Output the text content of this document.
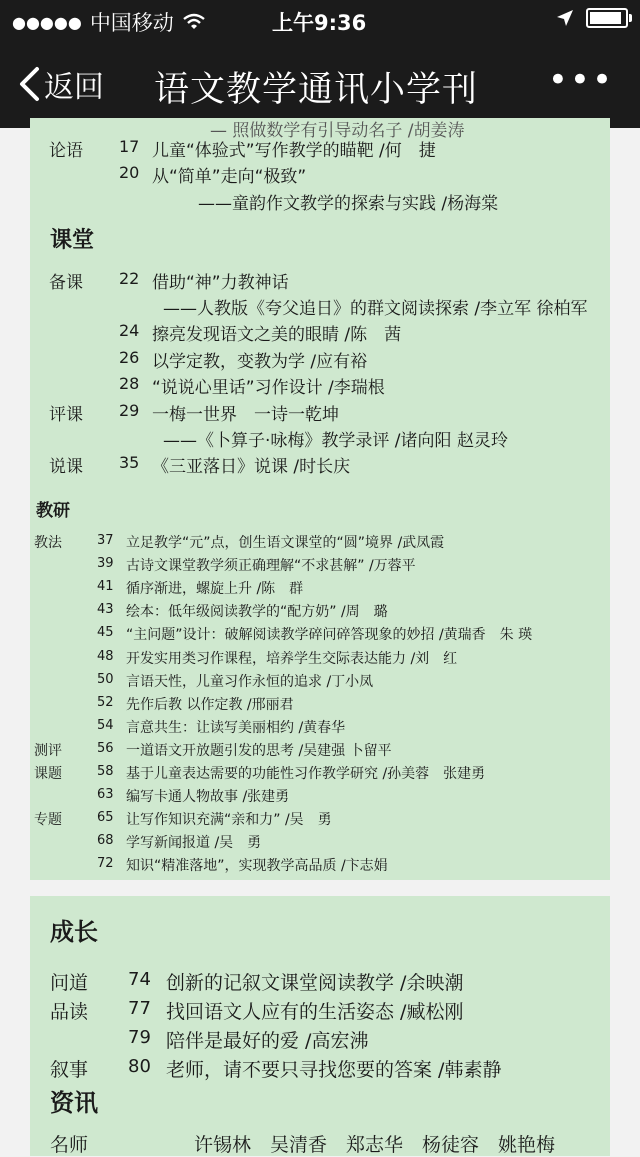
●●●●● 中国移动	上午9:36
返回 语文教学通讯小学刊 •••
— 照做数学有引导动名子 /胡姜涛
论语 17 儿童“体验式”写作教学的瞄靶 /何　捷
20 从“简单”走向“极致”
——童韵作文教学的探索与实践 /杨海棠
课堂
备课 22 借助“神”力教神话
——人教版《夸父追日》的群文阅读探索 /李立军 徐柏军
24 擦亮发现语文之美的眼睛 /陈　茜
26 以学定教，变教为学 /应有裕
28 “说说心里话”习作设计 /李瑞根
评课 29 一梅一世界　一诗一乾坤
——《卜算子·咏梅》教学录评 /诸向阳 赵灵玲
说课 35 《三亚落日》说课 /时长庆
教研
教法	37 立足教学“元”点，创生语文课堂的“圆”境界 /武凤霞
39 古诗文课堂教学须正确理解“不求甚解” /万蓉平
41 循序渐进，螺旋上升 /陈　群
43 绘本：低年级阅读教学的“配方奶” /周　璐
45 “主问题”设计：破解阅读教学碎问碎答现象的妙招 /黄瑞香　朱 瑛
48 开发实用类习作课程，培养学生交际表达能力 /刘　红
50 言语天性，儿童习作永恒的追求 /丁小凤
52 先作后教 以作定教 /邢丽君
54 言意共生：让读写美丽相约 /黄春华
测评	56 一道语文开放题引发的思考 /吴建强 卜留平
课题	58 基于儿童表达需要的功能性习作教学研究 /孙美蓉　张建勇
63 编写卡通人物故事 /张建勇
专题	65 让写作知识充满“亲和力” /吴　勇
68 学写新闻报道 /吴　勇
72 知识“精准落地”，实现教学高品质 /卞志娟
成长
问道 74 创新的记叙文课堂阅读教学 /余映潮
品读 77 找回语文人应有的生活姿态 /臧松刚
79 陪伴是最好的爱 /高宏沸
叙事 80 老师，请不要只寻找您要的答案 /韩素静
资讯
名师	许锡林　吴清香　郑志华　杨徒容　姚艳梅
